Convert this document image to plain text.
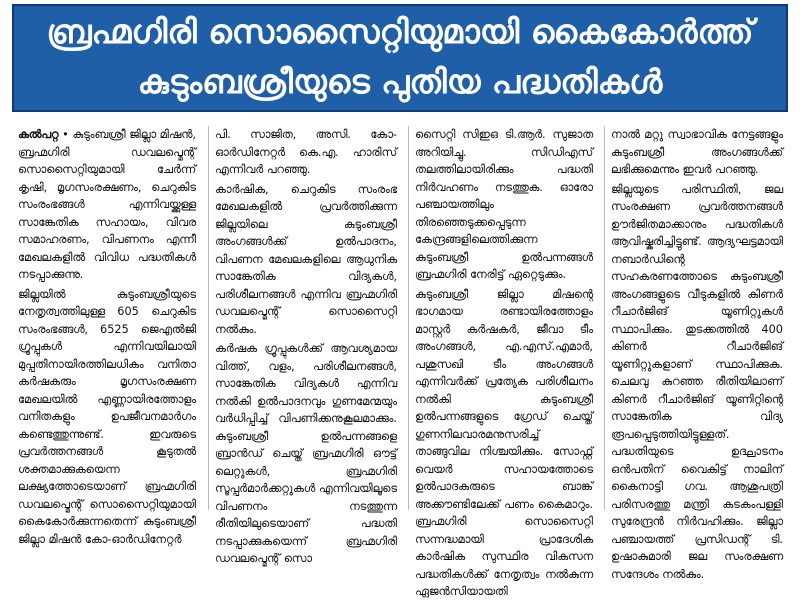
ബ്രഹ്മഗിരി സൊസൈറ്റിയുമായി കൈകോർത്ത്
കുടുംബശ്രീയുടെ പുതിയ പദ്ധതികൾ

കൽപറ്റ • കുടുംബശ്രീ ജില്ലാ മിഷൻ, ബ്രഹ്മഗിരി ഡവലപ്മെന്റ് സൊസൈറ്റിയുമായി ചേർന്ന് കൃഷി, മൃഗസംരക്ഷണം, ചെറുകിട സംരംഭങ്ങൾ എന്നിവയ്ക്കുള്ള സാങ്കേതിക സഹായം, വിവര സമാഹരണം, വിപണനം എന്നീ മേഖലകളിൽ വിവിധ പദ്ധതികൾ നടപ്പാക്കുന്നു.

ജില്ലയിൽ കുടുംബശ്രീയുടെ നേതൃത്വത്തിലുള്ള 605 ചെറുകിട സംരംഭങ്ങൾ, 6525 ജെഎൽജി ഗ്രൂപ്പുകൾ എന്നിവയിലായി മുപ്പതിനായിരത്തിലധികം വനിതാ കർഷകരും മൃഗസംരക്ഷണ മേഖലയിൽ എണ്ണായിരത്തോളം വനിതകളും ഉപജീവനമാർഗം കണ്ടെത്തുന്നുണ്ട്. ഇവരുടെ പ്രവർത്തനങ്ങൾ കൂടുതൽ ശക്തമാക്കുകയെന്ന ലക്ഷ്യത്തോടെയാണ് ബ്രഹ്മഗിരി ഡവലപ്മെന്റ് സൊസൈറ്റിയുമായി കൈകോർക്കുന്നതെന്ന് കുടുംബശ്രീ ജില്ലാ മിഷൻ കോ-ഓർഡിനേറ്റർ

പി. സാജിത, അസി. കോ-ഓർഡിനേറ്റർ കെ.എ. ഹാരിസ് എന്നിവർ പറഞ്ഞു.

കാർഷിക, ചെറുകിട സംരംഭ മേഖലകളിൽ പ്രവർത്തിക്കുന്ന ജില്ലയിലെ കുടുംബശ്രീ അംഗങ്ങൾക്ക് ഉൽപാദനം, വിപണന മേഖലകളിലെ ആധുനിക സാങ്കേതിക വിദ്യകൾ, പരിശീലനങ്ങൾ എന്നിവ ബ്രഹ്മഗിരി ഡവലപ്മെന്റ് സൊസൈറ്റി നൽകും.

കർഷക ഗ്രൂപ്പുകൾക്ക് ആവശ്യമായ വിത്ത്, വളം, പരിശീലനങ്ങൾ, സാങ്കേതിക വിദ്യകൾ എന്നിവ നൽകി ഉൽപാദനവും ഗുണമേന്മയും വർധിപ്പിച്ച് വിപണിക്കനുകൂലമാക്കും. കുടുംബശ്രീ ഉൽപന്നങ്ങളെ ബ്രാൻഡ് ചെയ്ത് ബ്രഹ്മഗിരി ഔട്ട് ലെറ്റുകൾ, ബ്രഹ്മഗിരി സൂപ്പർമാർക്കറ്റുകൾ എന്നിവയിലൂടെ വിപണനം നടത്തുന്ന രീതിയിലുടെയാണ് പദ്ധതി നടപ്പാക്കുകയെന്ന് ബ്രഹ്മഗിരി ഡവലപ്മെന്റ് സൊ

സൈറ്റി സിഇഒ ടി.ആർ. സുജാത അറിയിച്ചു. സിഡിഎസ് തലത്തിലായിരിക്കും പദ്ധതി നിർവഹണം നടത്തുക. ഓരോ പഞ്ചായത്തിലും തിരഞ്ഞെടുക്കപ്പെടുന്ന കേന്ദ്രങ്ങളിലെത്തിക്കുന്ന കുടുംബശ്രീ ഉൽപന്നങ്ങൾ ബ്രഹ്മഗിരി നേരിട്ട് ഏറ്റെടുക്കും.

കുടുംബശ്രീ ജില്ലാ മിഷന്റെ ഭാഗമായ രണ്ടായിരത്തോളം മാസ്റ്റർ കർഷകർ, ജീവാ ടീം അംഗങ്ങൾ, എ.എസ്.എമാർ, പശുസഖി ടീം അംഗങ്ങൾ എന്നിവർക്ക് പ്രത്യേക പരിശീലനം നൽകി കുടുംബശ്രീ ഉൽപന്നങ്ങളുടെ ഗ്രേഡ് ചെയ്ത് ഗുണനിലവാരമനുസരിച്ച് താങ്ങുവില നിശ്ചയിക്കും. സോഫ്റ്റ് വെയർ സഹായത്തോടെ ഉൽപാദകരുടെ ബാങ്ക് അക്കൗണ്ടിലേക്ക് പണം കൈമാറും. ബ്രഹ്മഗിരി സൊസൈറ്റി സന്നദ്ധമായി പ്രാദേശിക കാർഷിക സുസ്ഥിര വികസന പദ്ധതികൾക്ക് നേതൃത്വം നൽകുന്ന ഏജൻസിയായതി

നാൽ മറ്റു സ്വാഭാവിക നേട്ടങ്ങളും കുടുംബശ്രീ അംഗങ്ങൾക്ക് ലഭിക്കുമെന്നും ഇവർ പറഞ്ഞു.

ജില്ലയുടെ പരിസ്ഥിതി, ജല സംരക്ഷണ പ്രവർത്തനങ്ങൾ ഊർജിതമാക്കാനും പദ്ധതികൾ ആവിഷ്കരിച്ചിട്ടുണ്ട്. ആദ്യഘട്ടമായി നബാർഡിന്റെ സഹകരണത്തോടെ കുടുംബശ്രീ അംഗങ്ങളുടെ വീടുകളിൽ കിണർ റീചാർജിങ് യൂണിറ്റുകൾ സ്ഥാപിക്കും. തുടക്കത്തിൽ 400 കിണർ റീചാർജിങ് യൂണിറ്റുകളാണ് സ്ഥാപിക്കുക. ചെലവു കുറഞ്ഞ രീതിയിലാണ് കിണർ റീചാർജിങ് യൂണിറ്റിന്റെ സാങ്കേതിക വിദ്യ രൂപപ്പെടുത്തിയിട്ടുള്ളത്. പദ്ധതിയുടെ ഉദ്ഘാടനം ഒൻപതിന് വൈകിട്ട് നാലിന് കൈനാട്ടി ഗവ. ആശുപത്രി പരിസരത്തു മന്ത്രി കടകംപള്ളി സുരേന്ദ്രൻ നിർവഹിക്കും. ജില്ലാ പഞ്ചായത്ത് പ്രസിഡന്റ് ടി. ഉഷാകുമാരി ജല സംരക്ഷണ സന്ദേശം നൽകും.
